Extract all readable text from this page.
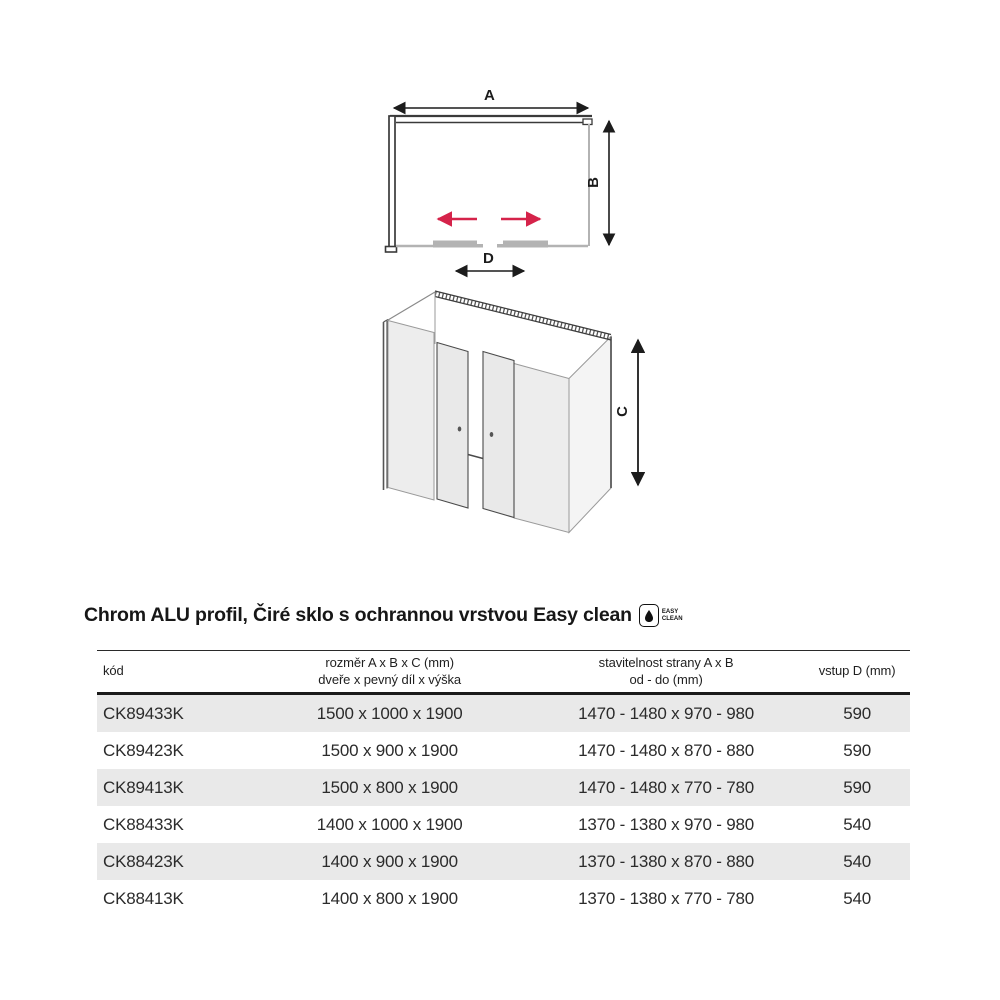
A
B
C
D
Chrom ALU profil, Čiré sklo s ochrannou vrstvou Easy clean	EASY
CLEAN
kód
rozměr A x B x C (mm)
dveře x pevný díl x výška
stavitelnost strany A x B
od - do (mm)
vstup D (mm)
CK89433K	1500 x 1000 x 1900	1470 - 1480 x 970 - 980	590
CK89423K	1500 x 900 x 1900	1470 - 1480 x 870 - 880	590
CK89413K	1500 x 800 x 1900	1470 - 1480 x 770 - 780	590
CK88433K	1400 x 1000 x 1900	1370 - 1380 x 970 - 980	540
CK88423K	1400 x 900 x 1900	1370 - 1380 x 870 - 880	540
CK88413K	1400 x 800 x 1900	1370 - 1380 x 770 - 780	540
